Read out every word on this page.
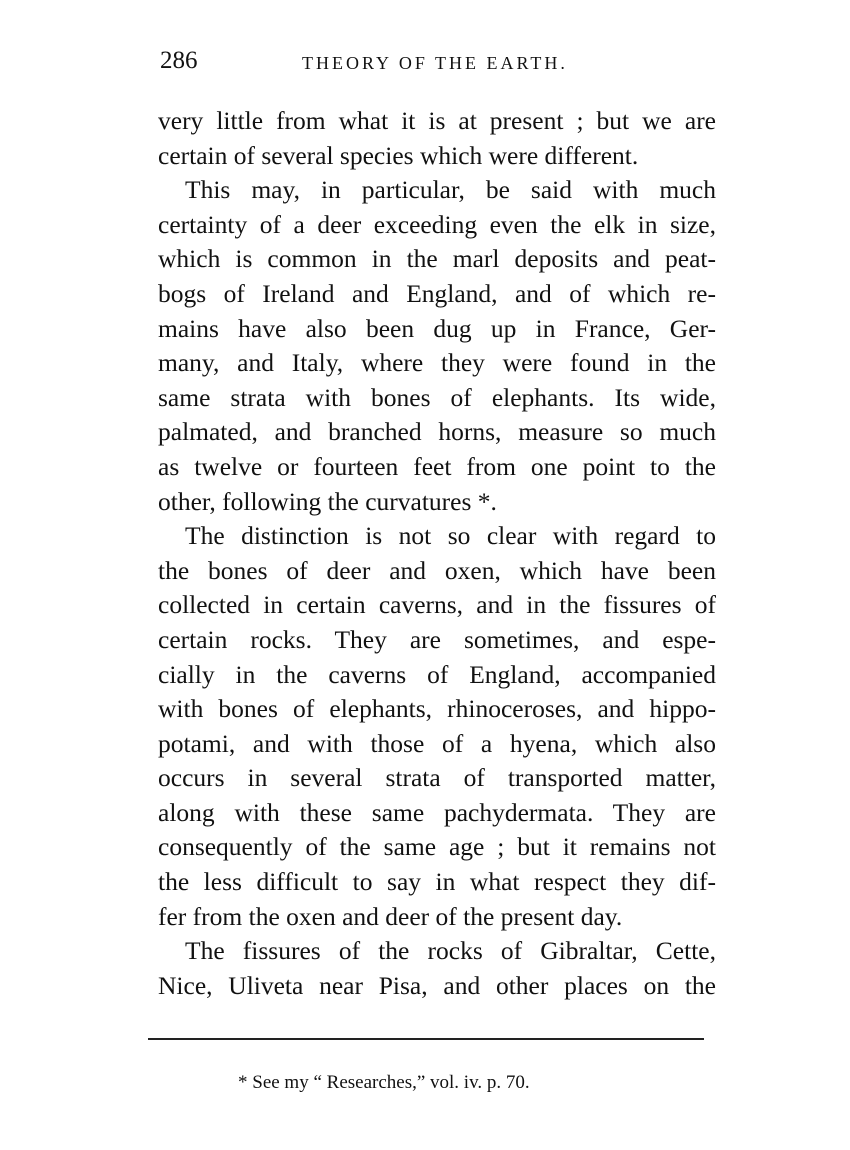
286	THEORY OF THE EARTH.

very little from what it is at present ; but we are
certain of several species which were different.

This may, in particular, be said with much
certainty of a deer exceeding even the elk in size,
which is common in the marl deposits and peat-
bogs of Ireland and England, and of which re-
mains have also been dug up in France, Ger-
many, and Italy, where they were found in the
same strata with bones of elephants. Its wide,
palmated, and branched horns, measure so much
as twelve or fourteen feet from one point to the
other, following the curvatures *.

The distinction is not so clear with regard to
the bones of deer and oxen, which have been
collected in certain caverns, and in the fissures of
certain rocks. They are sometimes, and espe-
cially in the caverns of England, accompanied
with bones of elephants, rhinoceroses, and hippo-
potami, and with those of a hyena, which also
occurs in several strata of transported matter,
along with these same pachydermata. They are
consequently of the same age ; but it remains not
the less difficult to say in what respect they dif-
fer from the oxen and deer of the present day.

The fissures of the rocks of Gibraltar, Cette,
Nice, Uliveta near Pisa, and other places on the

* See my “ Researches,” vol. iv. p. 70.
